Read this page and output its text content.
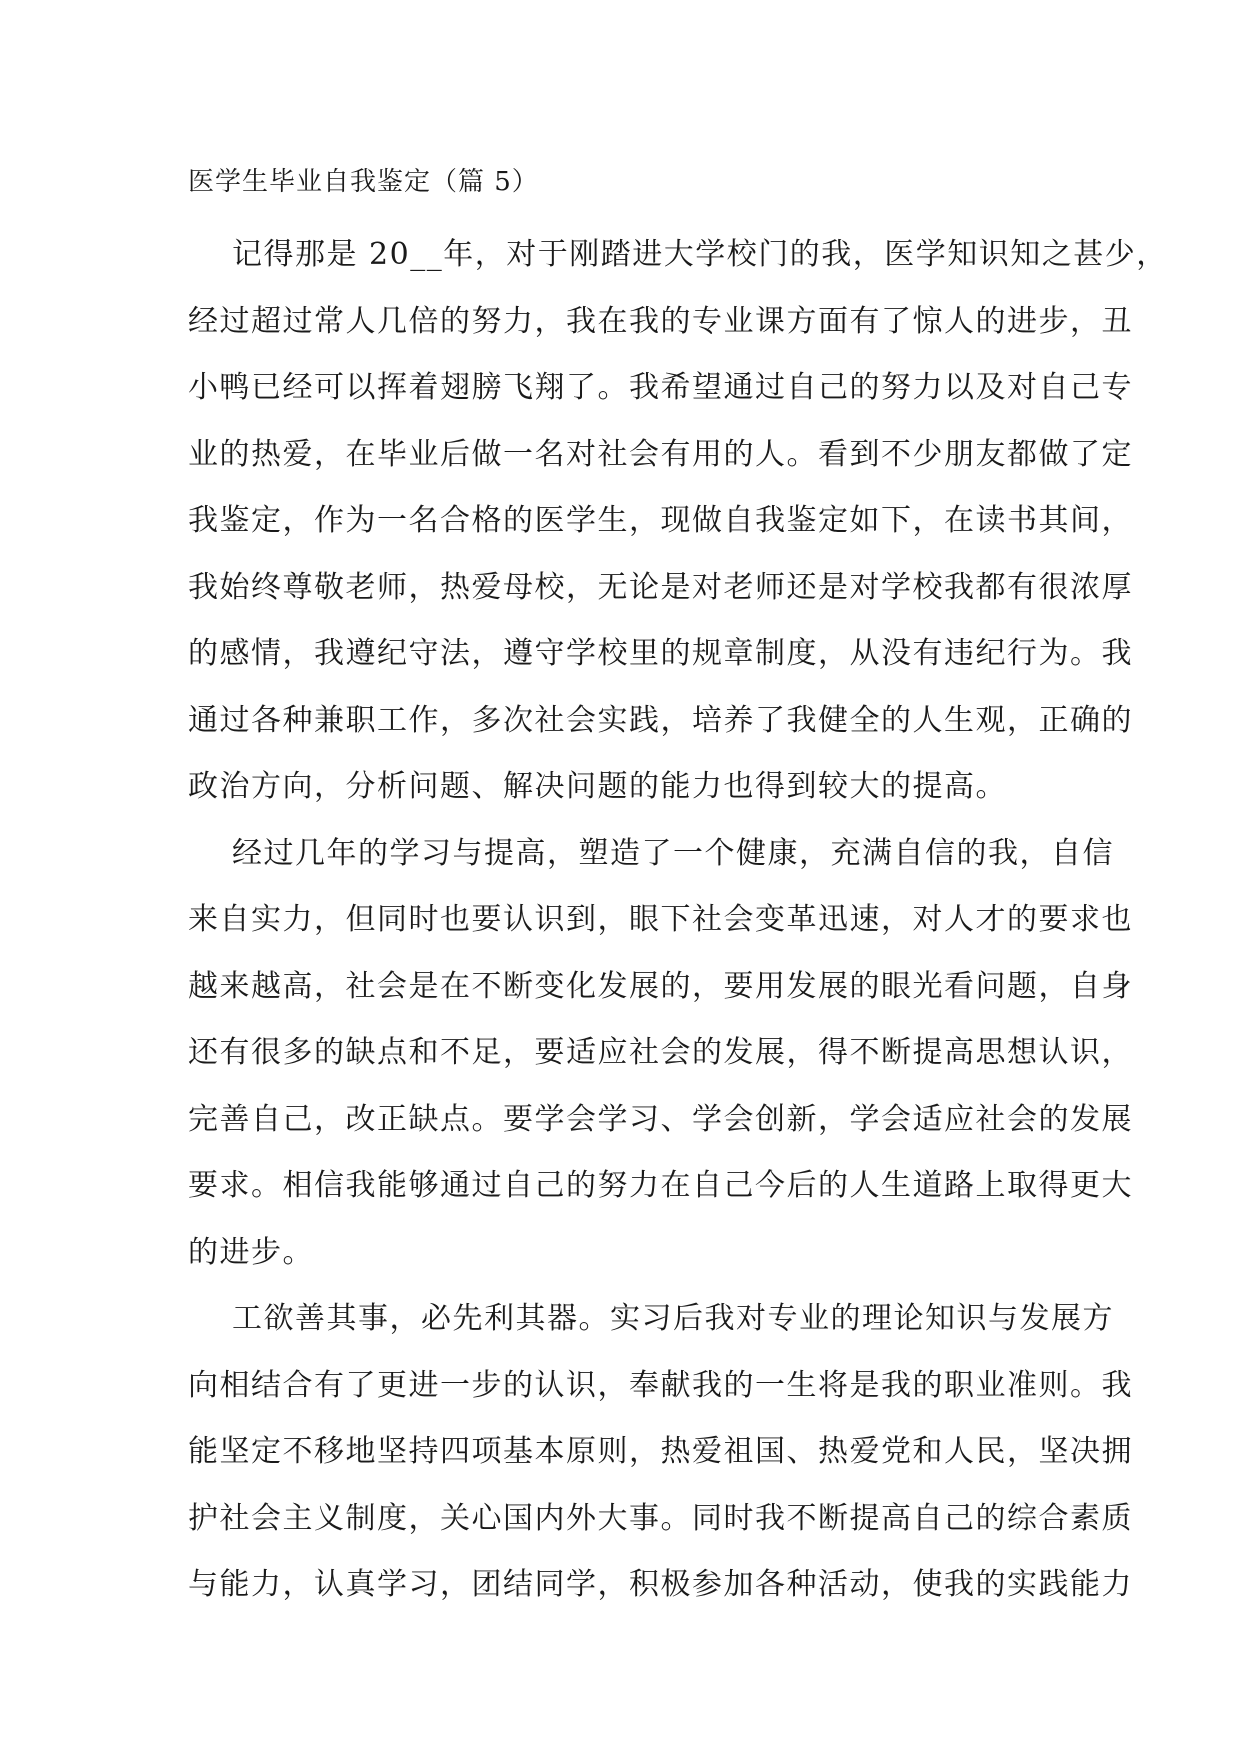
医学生毕业自我鉴定（篇 5）
记得那是 20__年，对于刚踏进大学校门的我，医学知识知之甚少，
经过超过常人几倍的努力，我在我的专业课方面有了惊人的进步，丑
小鸭已经可以挥着翅膀飞翔了。我希望通过自己的努力以及对自己专
业的热爱，在毕业后做一名对社会有用的人。看到不少朋友都做了定
我鉴定，作为一名合格的医学生，现做自我鉴定如下，在读书其间，
我始终尊敬老师，热爱母校，无论是对老师还是对学校我都有很浓厚
的感情，我遵纪守法，遵守学校里的规章制度，从没有违纪行为。我
通过各种兼职工作，多次社会实践，培养了我健全的人生观，正确的
政治方向，分析问题、解决问题的能力也得到较大的提高。
经过几年的学习与提高，塑造了一个健康，充满自信的我，自信
来自实力，但同时也要认识到，眼下社会变革迅速，对人才的要求也
越来越高，社会是在不断变化发展的，要用发展的眼光看问题，自身
还有很多的缺点和不足，要适应社会的发展，得不断提高思想认识，
完善自己，改正缺点。要学会学习、学会创新，学会适应社会的发展
要求。相信我能够通过自己的努力在自己今后的人生道路上取得更大
的进步。
工欲善其事，必先利其器。实习后我对专业的理论知识与发展方
向相结合有了更进一步的认识，奉献我的一生将是我的职业准则。我
能坚定不移地坚持四项基本原则，热爱祖国、热爱党和人民，坚决拥
护社会主义制度，关心国内外大事。同时我不断提高自己的综合素质
与能力，认真学习，团结同学，积极参加各种活动，使我的实践能力
